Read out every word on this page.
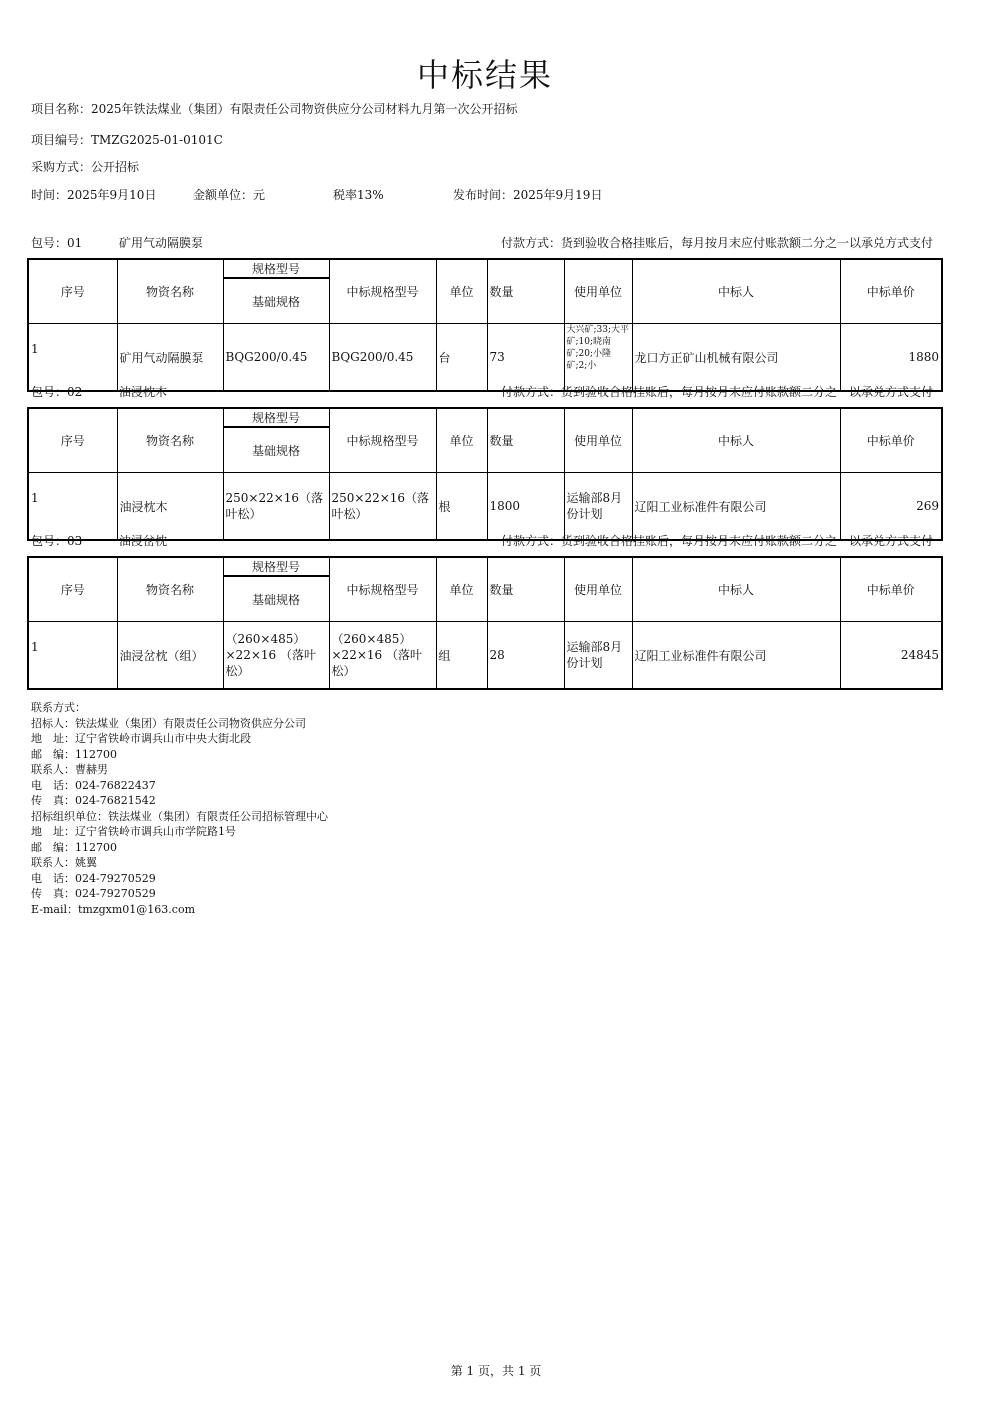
中标结果
项目名称：2025年铁法煤业（集团）有限责任公司物资供应分公司材料九月第一次公开招标
项目编号：TMZG2025-01-0101C
采购方式：公开招标
时间：2025年9月10日	金额单位：元	税率13%	发布时间：2025年9月19日
包号：01	矿用气动隔膜泵	付款方式：货到验收合格挂账后，每月按月末应付账款额二分之一以承兑方式支付
序号	物资名称	规格型号	中标规格型号	单位	数量	使用单位	中标人	中标单价
		基础规格						
1	矿用气动隔膜泵	BQG200/0.45	BQG200/0.45	台	73	大兴矿;33;大平矿;10;晓南矿;20;小隆矿;2;小	龙口方正矿山机械有限公司	1880
包号：02	油浸枕木	付款方式：货到验收合格挂账后，每月按月末应付账款额二分之一以承兑方式支付
序号	物资名称	规格型号	中标规格型号	单位	数量	使用单位	中标人	中标单价
		基础规格						
1	油浸枕木	250×22×16（落叶松）	250×22×16（落叶松）	根	1800	运输部8月份计划	辽阳工业标准件有限公司	269
包号：03	油浸岔枕	付款方式：货到验收合格挂账后，每月按月末应付账款额二分之一以承兑方式支付
序号	物资名称	规格型号	中标规格型号	单位	数量	使用单位	中标人	中标单价
		基础规格						
1	油浸岔枕（组）	（260×485）×22×16 （落叶松）	（260×485）×22×16 （落叶松）	组	28	运输部8月份计划	辽阳工业标准件有限公司	24845
联系方式：
招标人：铁法煤业（集团）有限责任公司物资供应分公司
地　址：辽宁省铁岭市调兵山市中央大街北段
邮　编：112700
联系人：曹赫男
电　话：024-76822437
传　真：024-76821542
招标组织单位：铁法煤业（集团）有限责任公司招标管理中心
地　址：辽宁省铁岭市调兵山市学院路1号
邮　编：112700
联系人：姚翼
电　话：024-79270529
传　真：024-79270529
E-mail：tmzgxm01@163.com
第 1 页，共 1 页
